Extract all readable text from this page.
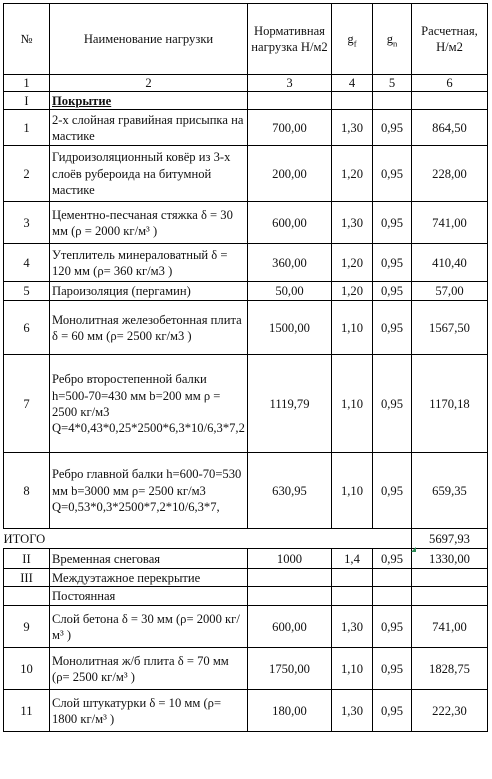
№	Наименование нагрузки	Нормативная нагрузка Н/м2	$g_f$	$g_n$	Расчетная, Н/м2
1	2	3	4	5	6
I	Покрытие				
1	2-х слойная гравийная присыпка на мастике	700,00	1,30	0,95	864,50
2	Гидроизоляционный ковёр из 3-х слоёв рубероида на битумной мастике	200,00	1,20	0,95	228,00
3	Цементно-песчаная стяжка δ = 30 мм (ρ = 2000 кг/м³ )	600,00	1,30	0,95	741,00
4	Утеплитель минераловатный δ = 120 мм (ρ= 360 кг/м3 )	360,00	1,20	0,95	410,40
5	Пароизоляция (пергамин)	50,00	1,20	0,95	57,00
6	Монолитная железобетонная плита δ = 60 мм (ρ= 2500 кг/м3 )	1500,00	1,10	0,95	1567,50
7	Ребро второстепенной балки h=500-70=430 мм b=200 мм ρ = 2500 кг/м3 Q=4*0,43*0,25*2500*6,3*10/6,3*7,2	1119,79	1,10	0,95	1170,18
8	Ребро главной балки h=600-70=530 мм b=3000 мм ρ= 2500 кг/м3 Q=0,53*0,3*2500*7,2*10/6,3*7,	630,95	1,10	0,95	659,35
ИТОГО					5697,93
II	Временная снеговая	1000	1,4	0,95	1330,00
III	Междуэтажное перекрытие				
	Постоянная				
9	Слой бетона δ = 30 мм (ρ= 2000 кг/м³ )	600,00	1,30	0,95	741,00
10	Монолитная ж/б плита δ = 70 мм (ρ= 2500 кг/м³ )	1750,00	1,10	0,95	1828,75
11	Слой штукатурки δ = 10 мм (ρ= 1800 кг/м³ )	180,00	1,30	0,95	222,30
